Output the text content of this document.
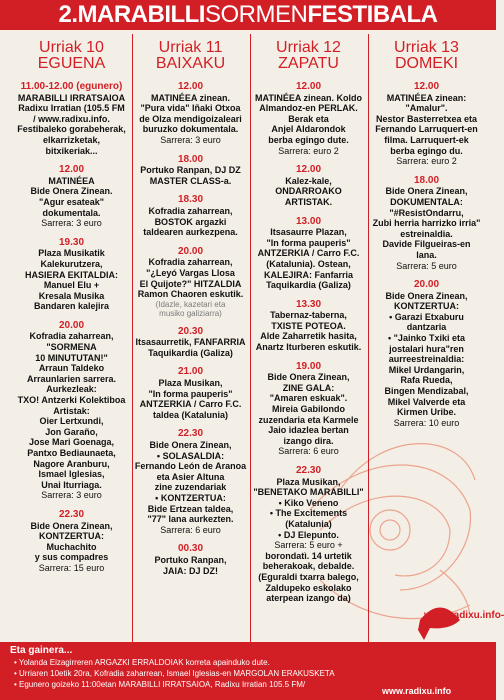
2.MARABILLI SORMEN FESTIBALA
Urriak 10
EGUENA
11.00-12.00 (egunero)
MARABILLI IRRATSAIOA
Radixu Irratian (105.5 FM
/ www.radixu.info.
Festibaleko gorabeherak,
elkarrizketak,
bitxikeriak...
12.00
MATINÉEA
Bide Onera Zinean.
"Agur esateak"
dokumentala.
Sarrera: 3 euro
19.30
Plaza Musikatik
Kalekurutzera,
HASIERA EKITALDIA:
Manuel Elu +
Kresala Musika
Bandaren kalejira
20.00
Kofradia zaharrean,
"SORMENA
10 MINUTUTAN!"
Arraun Taldeko
Arraunlarien sarrera.
Aurkezleak:
TXO! Antzerki Kolektiboa
Artistak:
Oier Lertxundi,
Jon Garaño,
Jose Mari Goenaga,
Pantxo Bediaunaeta,
Nagore Aranburu,
Ismael Iglesias,
Unai Iturriaga.
Sarrera: 3 euro
22.30
Bide Onera Zinean,
KONTZERTUA:
Muchachito
y sus compadres
Sarrera: 15 euro
Urriak 11
BAIXAKU
12.00
MATINÉEA zinean.
"Pura vida" Iñaki Otxoa
de Olza mendigoizaleari
buruzko dokumentala.
Sarrera: 3 euro
18.00
Portuko Ranpan, DJ DZ
MASTER CLASS-a.
18.30
Kofradia zaharrean,
BOSTOK argazki
taldearen aurkezpena.
20.00
Kofradia zaharrean,
"¿Leyó Vargas Llosa
El Quijote?" HITZALDIA
Ramon Chaoren eskutik.
(Idazle, kazetari eta
musiko galiziarra)
20.30
Itsasaurretik, FANFARRIA
Taquikardia (Galiza)
21.00
Plaza Musikan,
"In forma pauperis"
ANTZERKIA / Carro F.C.
taldea (Katalunia)
22.30
Bide Onera Zinean,
• SOLASALDIA:
Fernando León de Aranoa
eta Asier Altuna
zine zuzendariak
• KONTZERTUA:
Bide Ertzean taldea,
"77" lana aurkezten.
Sarrera: 6 euro
00.30
Portuko Ranpan,
JAIA: DJ DZ!
Urriak 12
ZAPATU
12.00
MATINÉEA zinean. Koldo
Almandoz-en PERLAK.
Berak eta
Anjel Aldarondok
berba egingo dute.
Sarrera: euro 2
12.00
Kalez-kale,
ONDARROAKO ARTISTAK.
13.00
Itsasaurre Plazan,
"In forma pauperis"
ANTZERKIA / Carro F.C.
(Katalunia). Ostean,
KALEJIRA: Fanfarria
Taquikardia (Galiza)
13.30
Tabernaz-taberna,
TXISTE POTEOA.
Alde Zaharretik hasita,
Anartz Iturberen eskutik.
19.00
Bide Onera Zinean,
ZINE GALA:
"Amaren eskuak".
Mireia Gabilondo
zuzendaria eta Karmele
Jaio idazlea bertan
izango dira.
Sarrera: 6 euro
22.30
Plaza Musikan,
"BENETAKO MARABILLI"
• Kiko Veneno
• The Excitements
(Katalunia)
• DJ Elepunto.
Sarrera: 5 euro +
borondatì. 14 urtetik
beherakoak, debalde.
(Eguraldi txarra balego,
Zaldupeko eskolako
aterpean izango da)
Urriak 13
DOMEKI
12.00
MATINÉEA zinean:
"Amalur".
Nestor Basterretxea eta
Fernando Larruquert-en
filma. Larruquert-ek
berba egingo du.
Sarrera: euro 2
18.00
Bide Onera Zinean,
DOKUMENTALA:
"#ResistOndarru,
Zubi herria harrizko irria"
estreinaldia.
Davide Filgueiras-en
lana.
Sarrera: 5 euro
20.00
Bide Onera Zinean,
KONTZERTUA:
• Garazi Etxaburu
dantzaria
• "Jainko Txiki eta
jostalari hura"ren
aurreestreinaldia:
Mikel Urdangarin,
Rafa Rueda,
Bingen Mendizabal,
Mikel Valverde eta
Kirmen Uribe.
Sarrera: 10 euro
www.radixu.info-n
Eta gainera...
• Yolanda Eizagirreren ARGAZKI ERRALDOIAK korreta apainduko dute.
• Urriaren 10etik 20ra, Kofradia zaharrean, Ismael Iglesias-en MARGOLAN ERAKUSKETA
• Egunero goizeko 11:00etan MARABILLI IRRATSAIOA, Radixu Irratian 105.5 FM/
www.radixu.info
